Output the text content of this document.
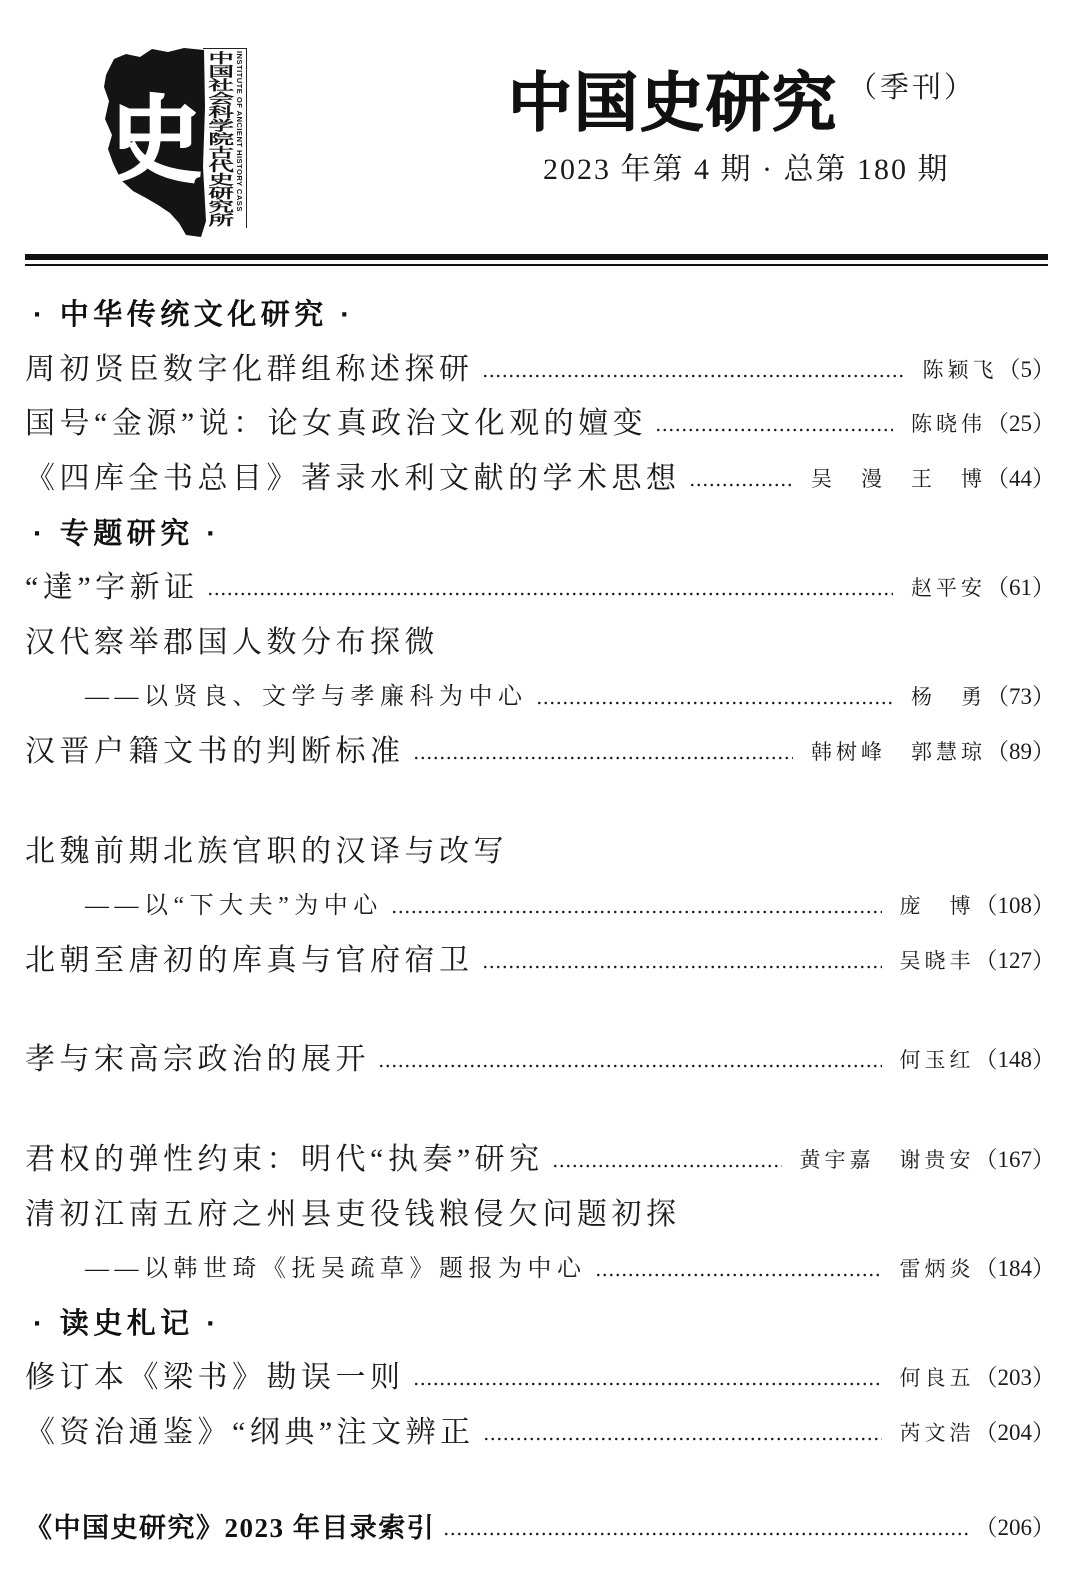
史 中国社会科学院古代史研究所 INSTITUTE OF ANCIENT HISTORY CASS	中国史研究 （季刊）
2023 年第 4 期 · 总第 180 期
· 中华传统文化研究 ·
周初贤臣数字化群组称述探研	陈颖飞 （5）
国号“金源”说：论女真政治文化观的嬗变	陈晓伟 （25）
《四库全书总目》著录水利文献的学术思想	吴　漫　王　博 （44）
· 专题研究 ·
“達”字新证	赵平安 （61）
汉代察举郡国人数分布探微
——以贤良、文学与孝廉科为中心	杨　勇 （73）
汉晋户籍文书的判断标准	韩树峰　郭慧琼 （89）
北魏前期北族官职的汉译与改写
——以“下大夫”为中心	庞　博 （108）
北朝至唐初的库真与官府宿卫	吴晓丰 （127）
孝与宋高宗政治的展开	何玉红 （148）
君权的弹性约束：明代“执奏”研究	黄宇嘉　谢贵安 （167）
清初江南五府之州县吏役钱粮侵欠问题初探
——以韩世琦《抚吴疏草》题报为中心	雷炳炎 （184）
· 读史札记 ·
修订本《梁书》勘误一则	何良五 （203）
《资治通鉴》“纲典”注文辨正	芮文浩 （204）
《中国史研究》2023 年目录索引	（206）
